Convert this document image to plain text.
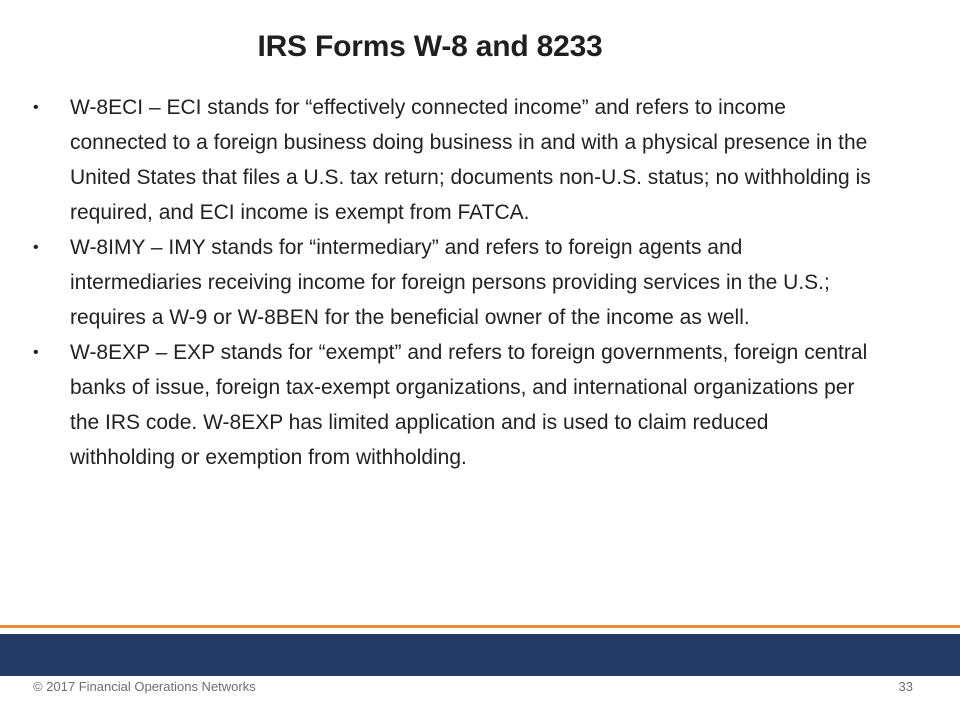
IRS Forms W-8 and 8233
•	W-8ECI – ECI stands for “effectively connected income” and refers to income connected to a foreign business doing business in and with a physical presence in the United States that files a U.S. tax return; documents non-U.S. status; no withholding is required, and ECI income is exempt from FATCA.
•	W-8IMY – IMY stands for “intermediary” and refers to foreign agents and intermediaries receiving income for foreign persons providing services in the U.S.; requires a W-9 or W-8BEN for the beneficial owner of the income as well.
•	W-8EXP – EXP stands for “exempt” and refers to foreign governments, foreign central banks of issue, foreign tax-exempt organizations, and international organizations per the IRS code. W-8EXP has limited application and is used to claim reduced withholding or exemption from withholding.
© 2017 Financial Operations Networks	33
